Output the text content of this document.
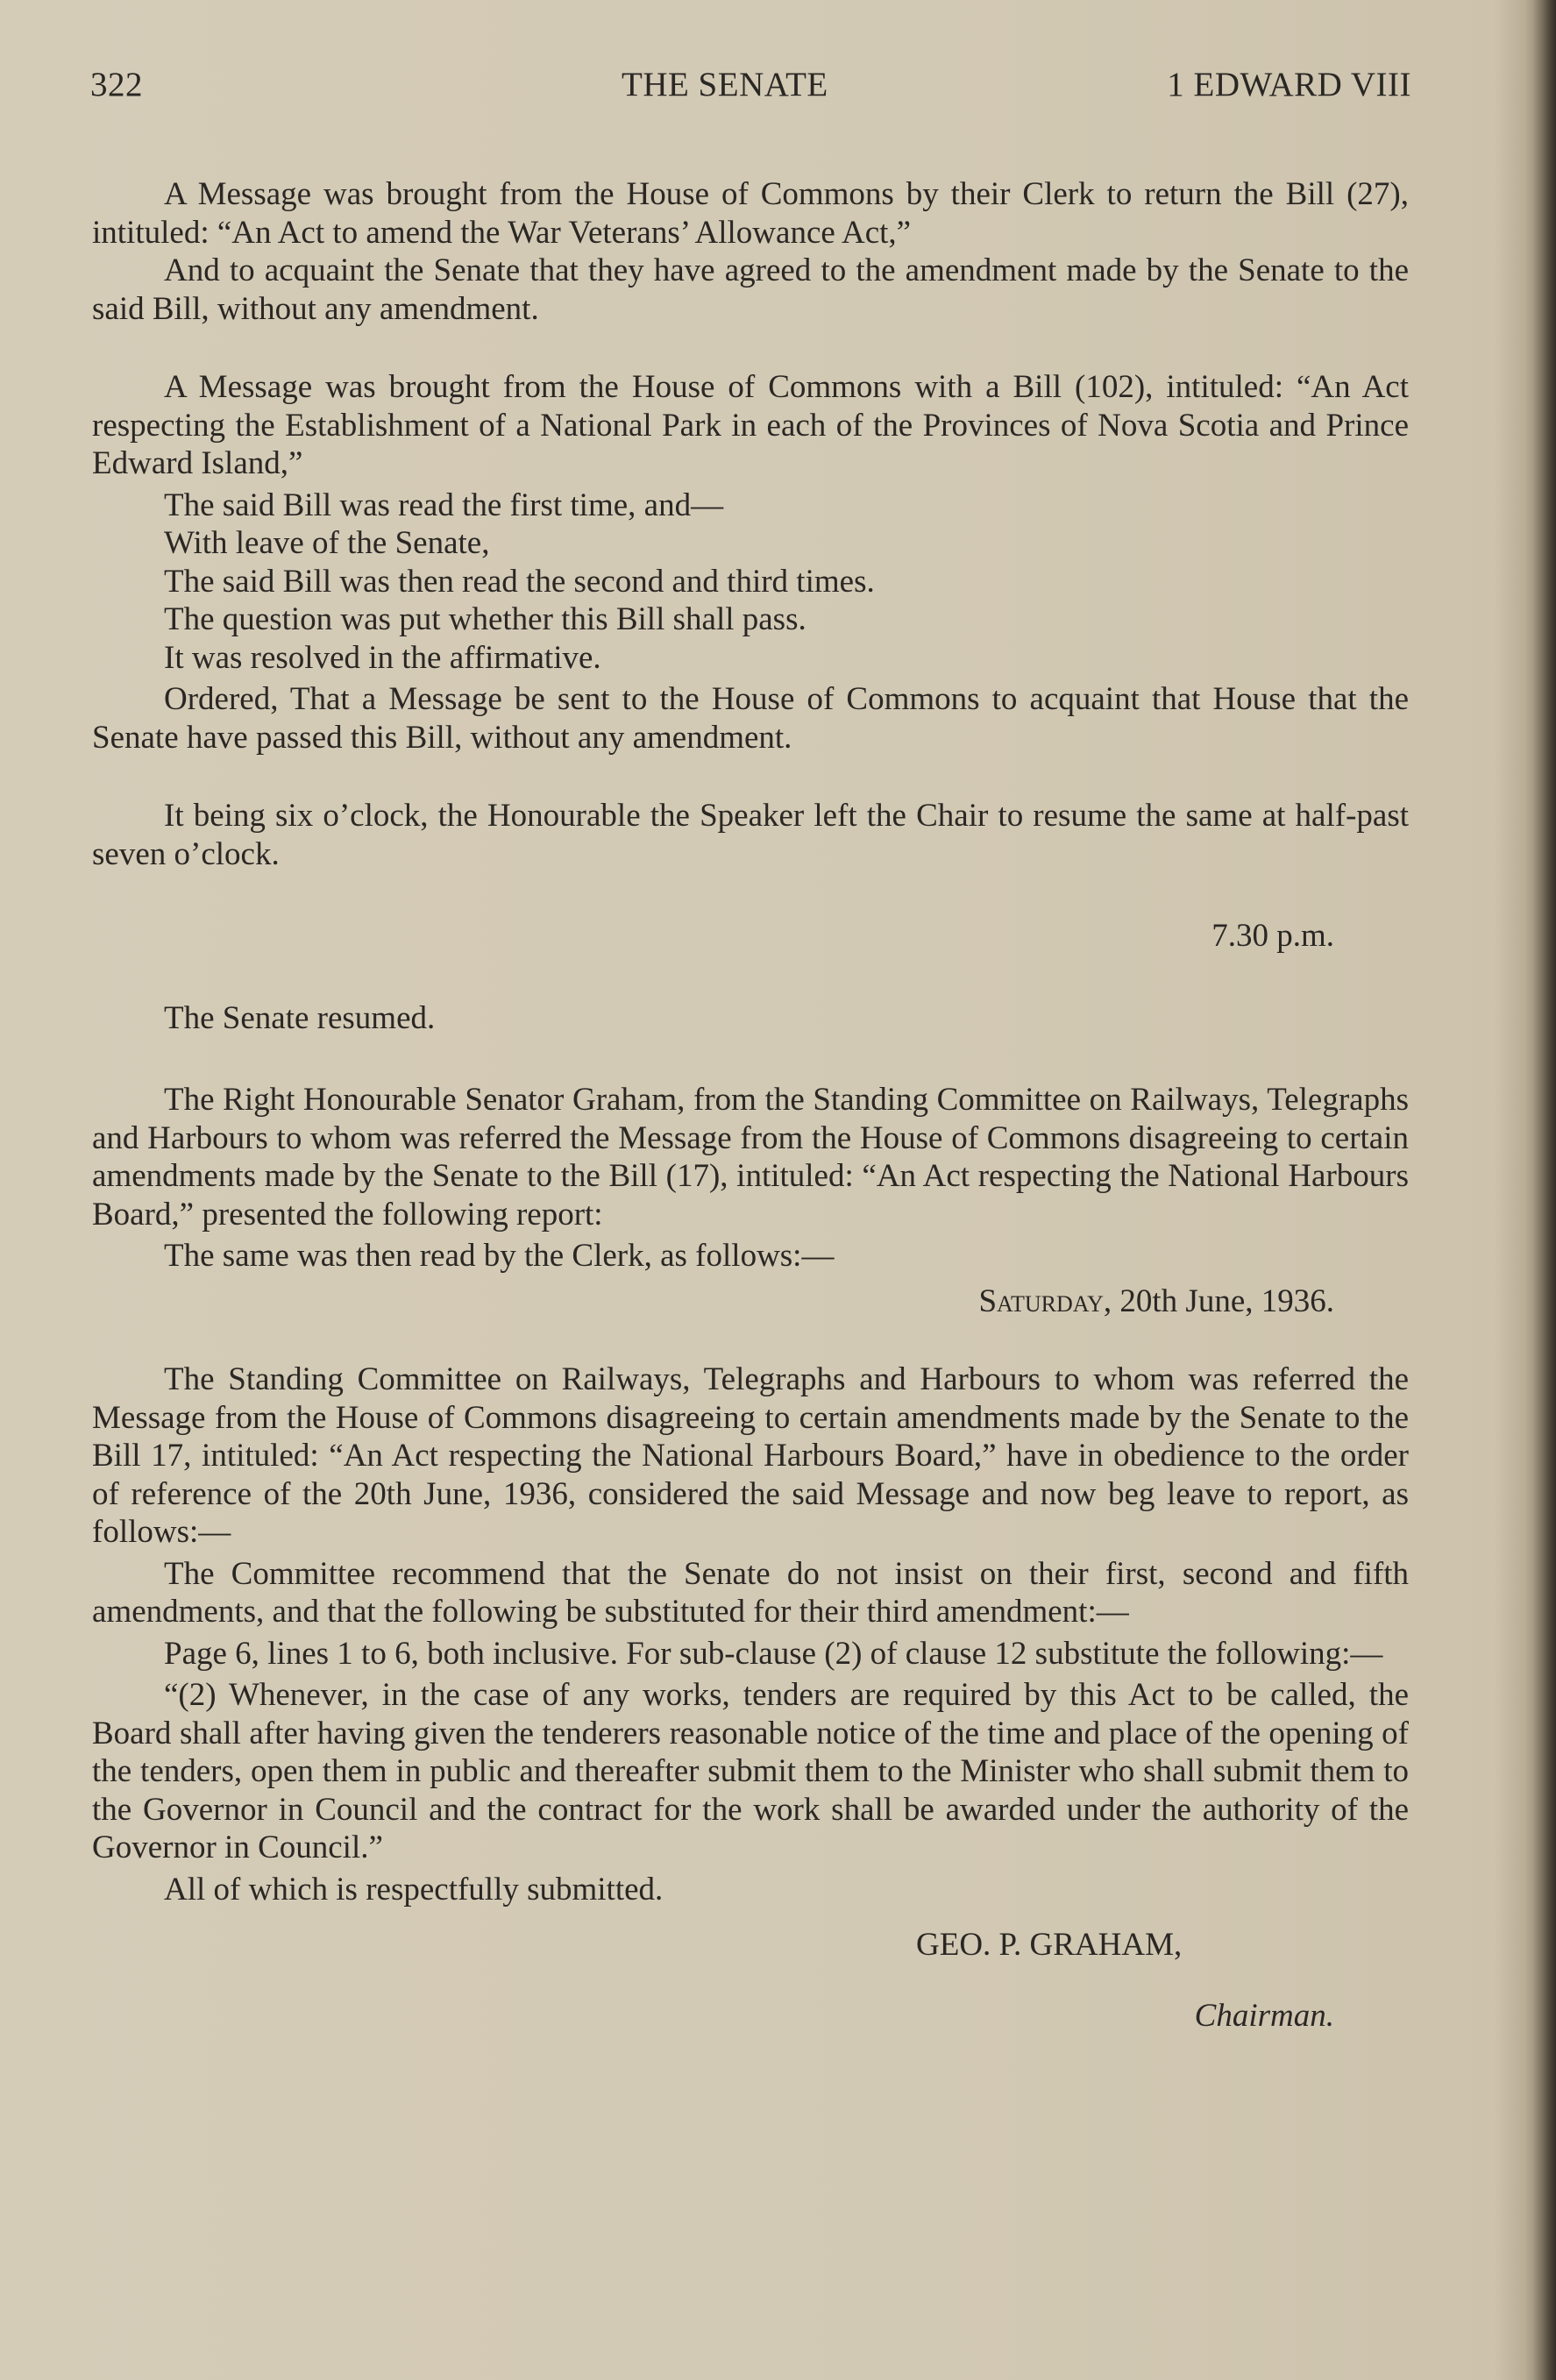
322	THE SENATE	1 EDWARD VIII

A Message was brought from the House of Commons by their Clerk to return the Bill (27), intituled: “An Act to amend the War Veterans’ Allowance Act,”

And to acquaint the Senate that they have agreed to the amendment made by the Senate to the said Bill, without any amendment.

A Message was brought from the House of Commons with a Bill (102), intituled: “An Act respecting the Establishment of a National Park in each of the Provinces of Nova Scotia and Prince Edward Island,”

The said Bill was read the first time, and—

With leave of the Senate,

The said Bill was then read the second and third times.

The question was put whether this Bill shall pass.

It was resolved in the affirmative.

Ordered, That a Message be sent to the House of Commons to acquaint that House that the Senate have passed this Bill, without any amendment.

It being six o’clock, the Honourable the Speaker left the Chair to resume the same at half-past seven o’clock.

7.30 p.m.

The Senate resumed.

The Right Honourable Senator Graham, from the Standing Committee on Railways, Telegraphs and Harbours to whom was referred the Message from the House of Commons disagreeing to certain amendments made by the Senate to the Bill (17), intituled: “An Act respecting the National Harbours Board,” presented the following report:

The same was then read by the Clerk, as follows:—

Saturday, 20th June, 1936.

The Standing Committee on Railways, Telegraphs and Harbours to whom was referred the Message from the House of Commons disagreeing to certain amendments made by the Senate to the Bill 17, intituled: “An Act respecting the National Harbours Board,” have in obedience to the order of reference of the 20th June, 1936, considered the said Message and now beg leave to report, as follows:—

The Committee recommend that the Senate do not insist on their first, second and fifth amendments, and that the following be substituted for their third amendment:—

Page 6, lines 1 to 6, both inclusive. For sub-clause (2) of clause 12 substitute the following:—

“(2) Whenever, in the case of any works, tenders are required by this Act to be called, the Board shall after having given the tenderers reasonable notice of the time and place of the opening of the tenders, open them in public and thereafter submit them to the Minister who shall submit them to the Governor in Council and the contract for the work shall be awarded under the authority of the Governor in Council.”

All of which is respectfully submitted.

GEO. P. GRAHAM,

Chairman.
